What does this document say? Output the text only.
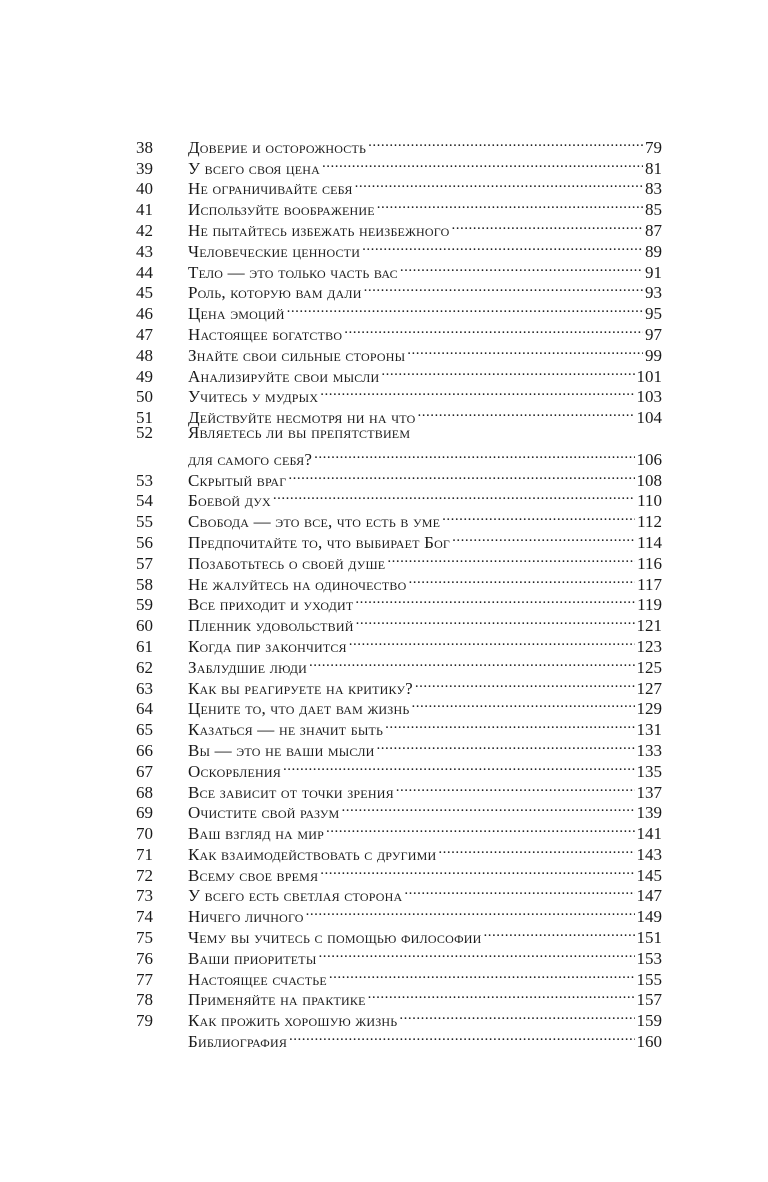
38	Доверие и осторожность .....	79
39	У всего своя цена .....	81
40	Не ограничивайте себя .....	83
41	Используйте воображение .....	85
42	Не пытайтесь избежать неизбежного .....	87
43	Человеческие ценности .....	89
44	Тело — это только часть вас .....	91
45	Роль, которую вам дали .....	93
46	Цена эмоций .....	95
47	Настоящее богатство .....	97
48	Знайте свои сильные стороны .....	99
49	Анализируйте свои мысли .....	101
50	Учитесь у мудрых .....	103
51	Действуйте несмотря ни на что .....	104
52	Являетесь ли вы препятствием
для самого себя? .....	106
53	Скрытый враг .....	108
54	Боевой дух .....	110
55	Свобода — это все, что есть в уме .....	112
56	Предпочитайте то, что выбирает Бог .....	114
57	Позаботьтесь о своей душе .....	116
58	Не жалуйтесь на одиночество .....	117
59	Все приходит и уходит .....	119
60	Пленник удовольствий .....	121
61	Когда пир закончится .....	123
62	Заблудшие люди .....	125
63	Как вы реагируете на критику? .....	127
64	Цените то, что дает вам жизнь .....	129
65	Казаться — не значит быть .....	131
66	Вы — это не ваши мысли .....	133
67	Оскорбления .....	135
68	Все зависит от точки зрения .....	137
69	Очистите свой разум .....	139
70	Ваш взгляд на мир .....	141
71	Как взаимодействовать с другими .....	143
72	Всему свое время .....	145
73	У всего есть светлая сторона .....	147
74	Ничего личного .....	149
75	Чему вы учитесь с помощью философии .....	151
76	Ваши приоритеты .....	153
77	Настоящее счастье .....	155
78	Применяйте на практике .....	157
79	Как прожить хорошую жизнь .....	159
Библиография .....	160
